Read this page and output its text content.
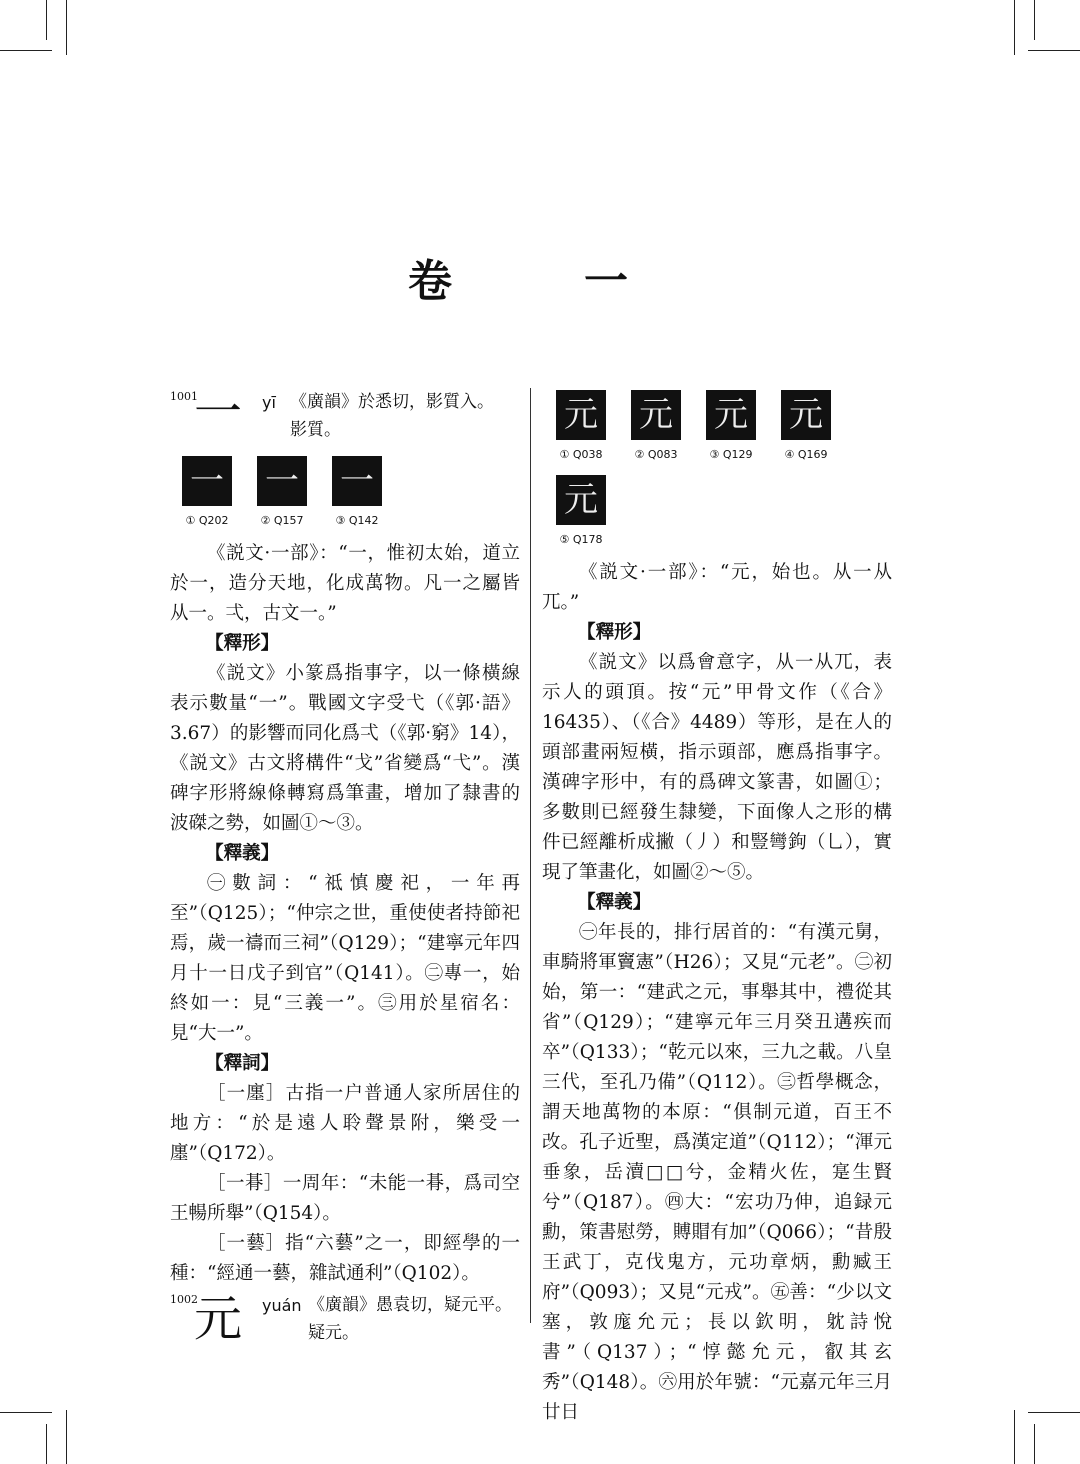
卷　一
1001
一 yī 《廣韻》於悉切，影質入。
影質。
一
① Q202
一
② Q157
一
③ Q142

《説文·一部》：“一，惟初太始，道立於一，造分天地，化成萬物。凡一之屬皆从一。弌，古文一。”

【釋形】

《説文》小篆爲指事字，以一條橫線表示數量“一”。戰國文字受弋（《郭·語》3.67）的影響而同化爲弌（《郭·窮》14），《説文》古文將構件“戈”省變爲“弋”。漢碑字形將線條轉寫爲筆畫，增加了隸書的波磔之勢，如圖①～③。

【釋義】

㊀數詞：“祗慎慶祀，一年再至”（Q125）；“仲宗之世，重使使者持節祀焉，歲一禱而三祠”（Q129）；“建寧元年四月十一日戊子到官”（Q141）。㊁專一，始終如一：見“三義一”。㊂用於星宿名：見“大一”。

【釋詞】

［一廛］古指一户普通人家所居住的地方：“於是遠人聆聲景附，樂受一廛”（Q172）。

［一朞］一周年：“未能一朞，爲司空王暢所舉”（Q154）。

［一藝］指“六藝”之一，即經學的一種：“經通一藝，雜試通利”（Q102）。

1002
元 yuán 《廣韻》愚袁切，疑元平。
疑元。
元
① Q038
元
② Q083
元
③ Q129
元
④ Q169
元
⑤ Q178

《説文·一部》：“元，始也。从一从兀。”

【釋形】

《説文》以爲會意字，从一从兀，表示人的頭頂。按“元”甲骨文作（《合》16435）、（《合》4489）等形，是在人的頭部畫兩短橫，指示頭部，應爲指事字。漢碑字形中，有的爲碑文篆書，如圖①；多數則已經發生隸變，下面像人之形的構件已經離析成撇（丿）和豎彎鉤（乚），實現了筆畫化，如圖②～⑤。

【釋義】

㊀年長的，排行居首的：“有漢元舅，車騎將軍竇憲”（H26）；又見“元老”。㊁初始，第一：“建武之元，事舉其中，禮從其省”（Q129）；“建寧元年三月癸丑遘疾而卒”（Q133）；“乾元以來，三九之載。八皇三代，至孔乃備”（Q112）。㊂哲學概念，謂天地萬物的本原：“俱制元道，百王不改。孔子近聖，爲漢定道”（Q112）；“渾元垂象，岳瀆□□兮，金精火佐，寔生賢兮”（Q187）。㊃大：“宏功乃伸，追録元勳，策書慰勞，賻賵有加”（Q066）；“昔殷王武丁，克伐鬼方，元功章炳，勳臧王府”（Q093）；又見“元戎”。㊄善：“少以文塞，敦庬允元；長以欽明，躭詩悅書”（Q137）；“惇懿允元，叡其玄秀”（Q148）。㊅用於年號：“元嘉元年三月廿日
